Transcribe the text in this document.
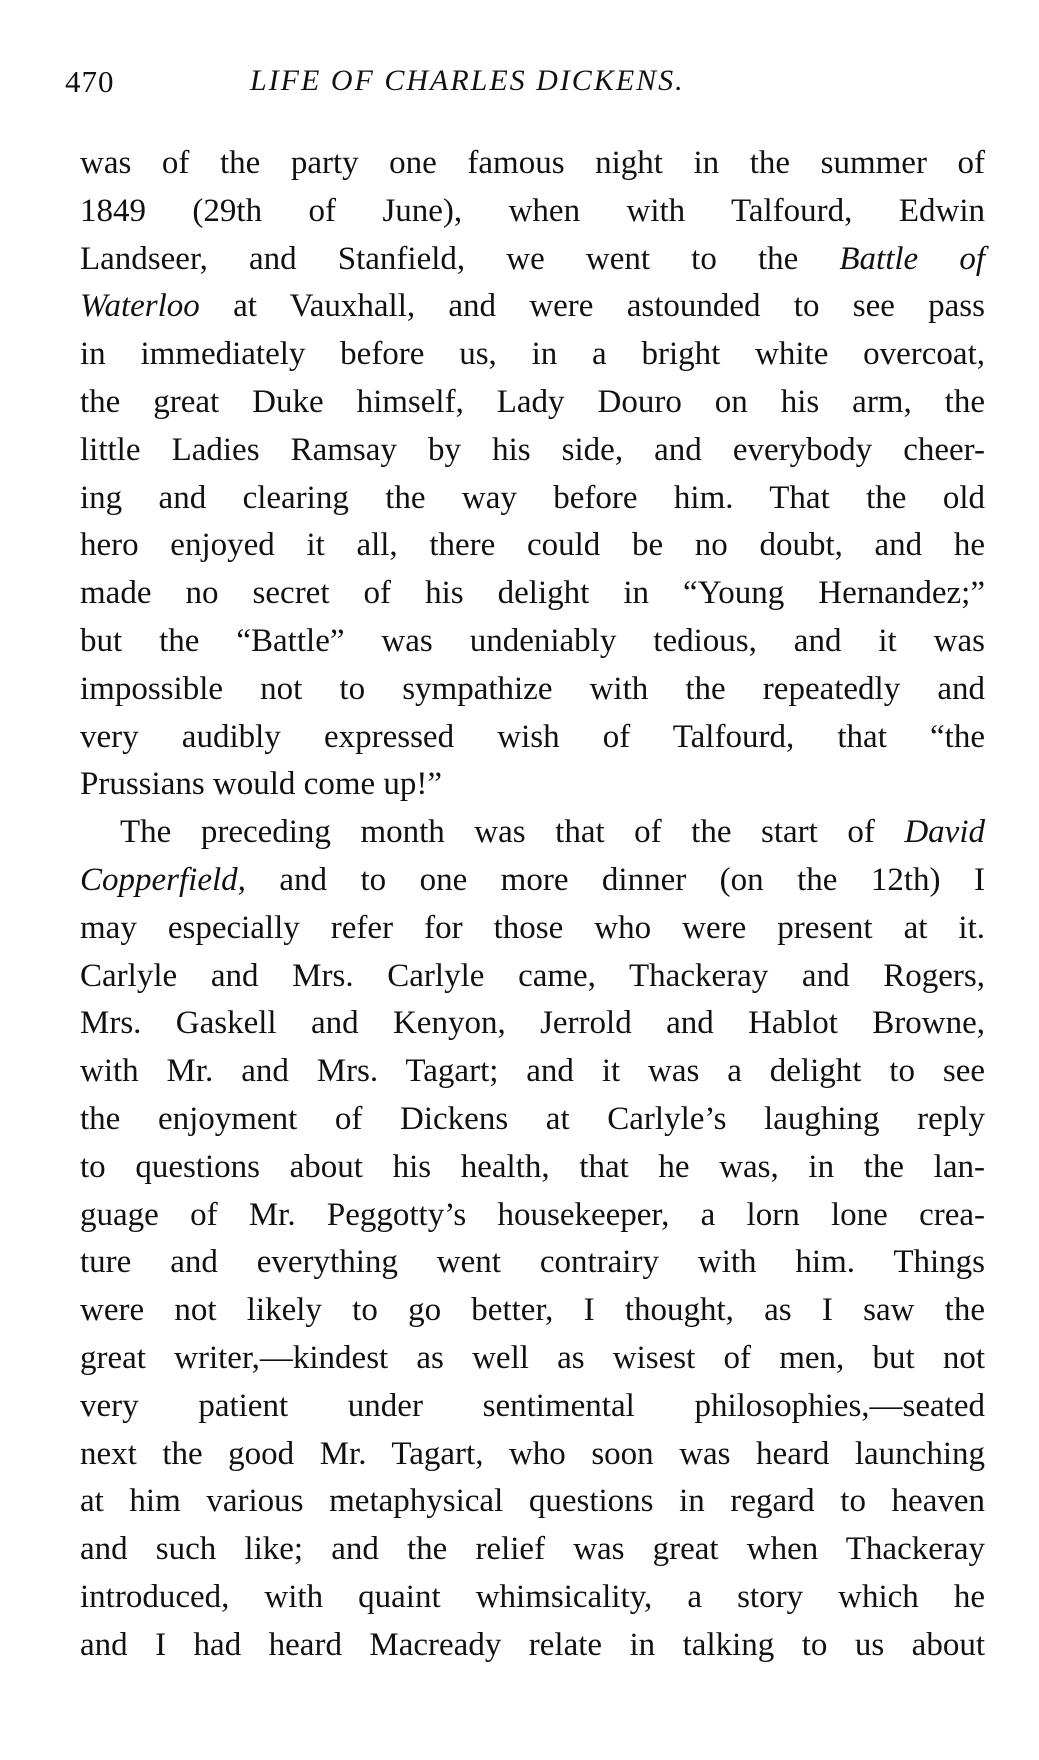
470	LIFE OF CHARLES DICKENS.
was of the party one famous night in the summer of
1849 (29th of June), when with Talfourd, Edwin
Landseer, and Stanfield, we went to the Battle of
Waterloo at Vauxhall, and were astounded to see pass
in immediately before us, in a bright white overcoat,
the great Duke himself, Lady Douro on his arm, the
little Ladies Ramsay by his side, and everybody cheer-
ing and clearing the way before him. That the old
hero enjoyed it all, there could be no doubt, and he
made no secret of his delight in “Young Hernandez;”
but the “Battle” was undeniably tedious, and it was
impossible not to sympathize with the repeatedly and
very audibly expressed wish of Talfourd, that “the
Prussians would come up!”
The preceding month was that of the start of David
Copperfield, and to one more dinner (on the 12th) I
may especially refer for those who were present at it.
Carlyle and Mrs. Carlyle came, Thackeray and Rogers,
Mrs. Gaskell and Kenyon, Jerrold and Hablot Browne,
with Mr. and Mrs. Tagart; and it was a delight to see
the enjoyment of Dickens at Carlyle’s laughing reply
to questions about his health, that he was, in the lan-
guage of Mr. Peggotty’s housekeeper, a lorn lone crea-
ture and everything went contrairy with him. Things
were not likely to go better, I thought, as I saw the
great writer,—kindest as well as wisest of men, but not
very patient under sentimental philosophies,—seated
next the good Mr. Tagart, who soon was heard launching
at him various metaphysical questions in regard to heaven
and such like; and the relief was great when Thackeray
introduced, with quaint whimsicality, a story which he
and I had heard Macready relate in talking to us about
